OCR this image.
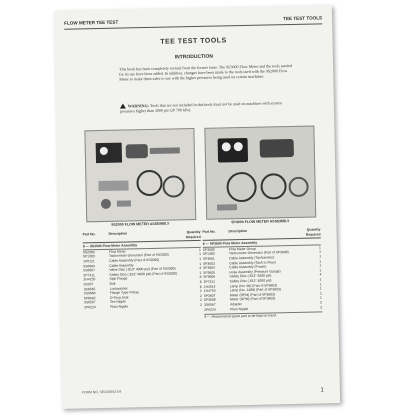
FLOW METER TEE TEST
TEE TEST TOOLS
TEE TEST TOOLS
INTRODUCTION
This book has been completely revised from the former issue. The SF3600 Flow Meter and the tools needed for its use have been added. In addition, changes have been made to the tools used with the 9S2000 Flow Meter to make them safer to use with the higher pressures being used on certain machines.
WARNING: Tools that are not included in this book must not be used on machines with system pressures higher than 3000 psi (20 700 kPa).
9S2000 FLOW METER ASSEMBLY	5P3600 FLOW METER ASSEMBLY
Part No.	Description	Quantity Required
8 — 9S2000 Flow Meter Assembly
9S2000	Flow Meter	1
5P1383	Tachometer Generator (Part of 9S2000)	1
1P6121	Cable Assembly (Part of 9S2000)	1
5S6069	Cable Assembly	1
5S6067	Valve Disc (.813" 4000 psi) (Part of 9S2000)	4
2P7411	Safety Disc (.813" 4000 psi) (Part of 9S2000)	1
2H4220	Split Flange	8
5S937	Bolt	8
3S6545	Lockwasher	8
3S9660	Flange Type Fitting	2
5P8002	O-Ring Seal	2
3S6567	Tee Nipple	2
2P6224	Plain Nipple	2
Part No.	Description	Quantity Required
8 — 5P3600 Flow Meter Assembly
5P3600	Flow Meter Group	1
5P1383	Tachometer Generator (Part of 5P3600)	1
5P3601	Cable Assembly (Tachometer)	1
5P3603	Cable Assembly (Tach to Flow)	1
5P3604	Cable Assembly (Power)	1
5P3605	Hose Assembly (Pressure Gauge)	1
5P3606	Safety Disc (.813" 4000 psi)	4
2P7411	Safety Disc (.813" 4000 psi)	1
1H4514	Lamp (No. 90) (Part of 5P3603)	1
1H4763	Lamp (No. 1488) (Part of 5P3603)	1
5P3607	Meter (RPM) (Part of 5P3603)	1
5P3608	Meter (GPM) (Part of 5P3603)	1
3S6567	Adapter	2
2P6224	Plain Nipple	2
8 — Recommend spare part to be kept on hand.
FORM NO. SEG00912-04	1
